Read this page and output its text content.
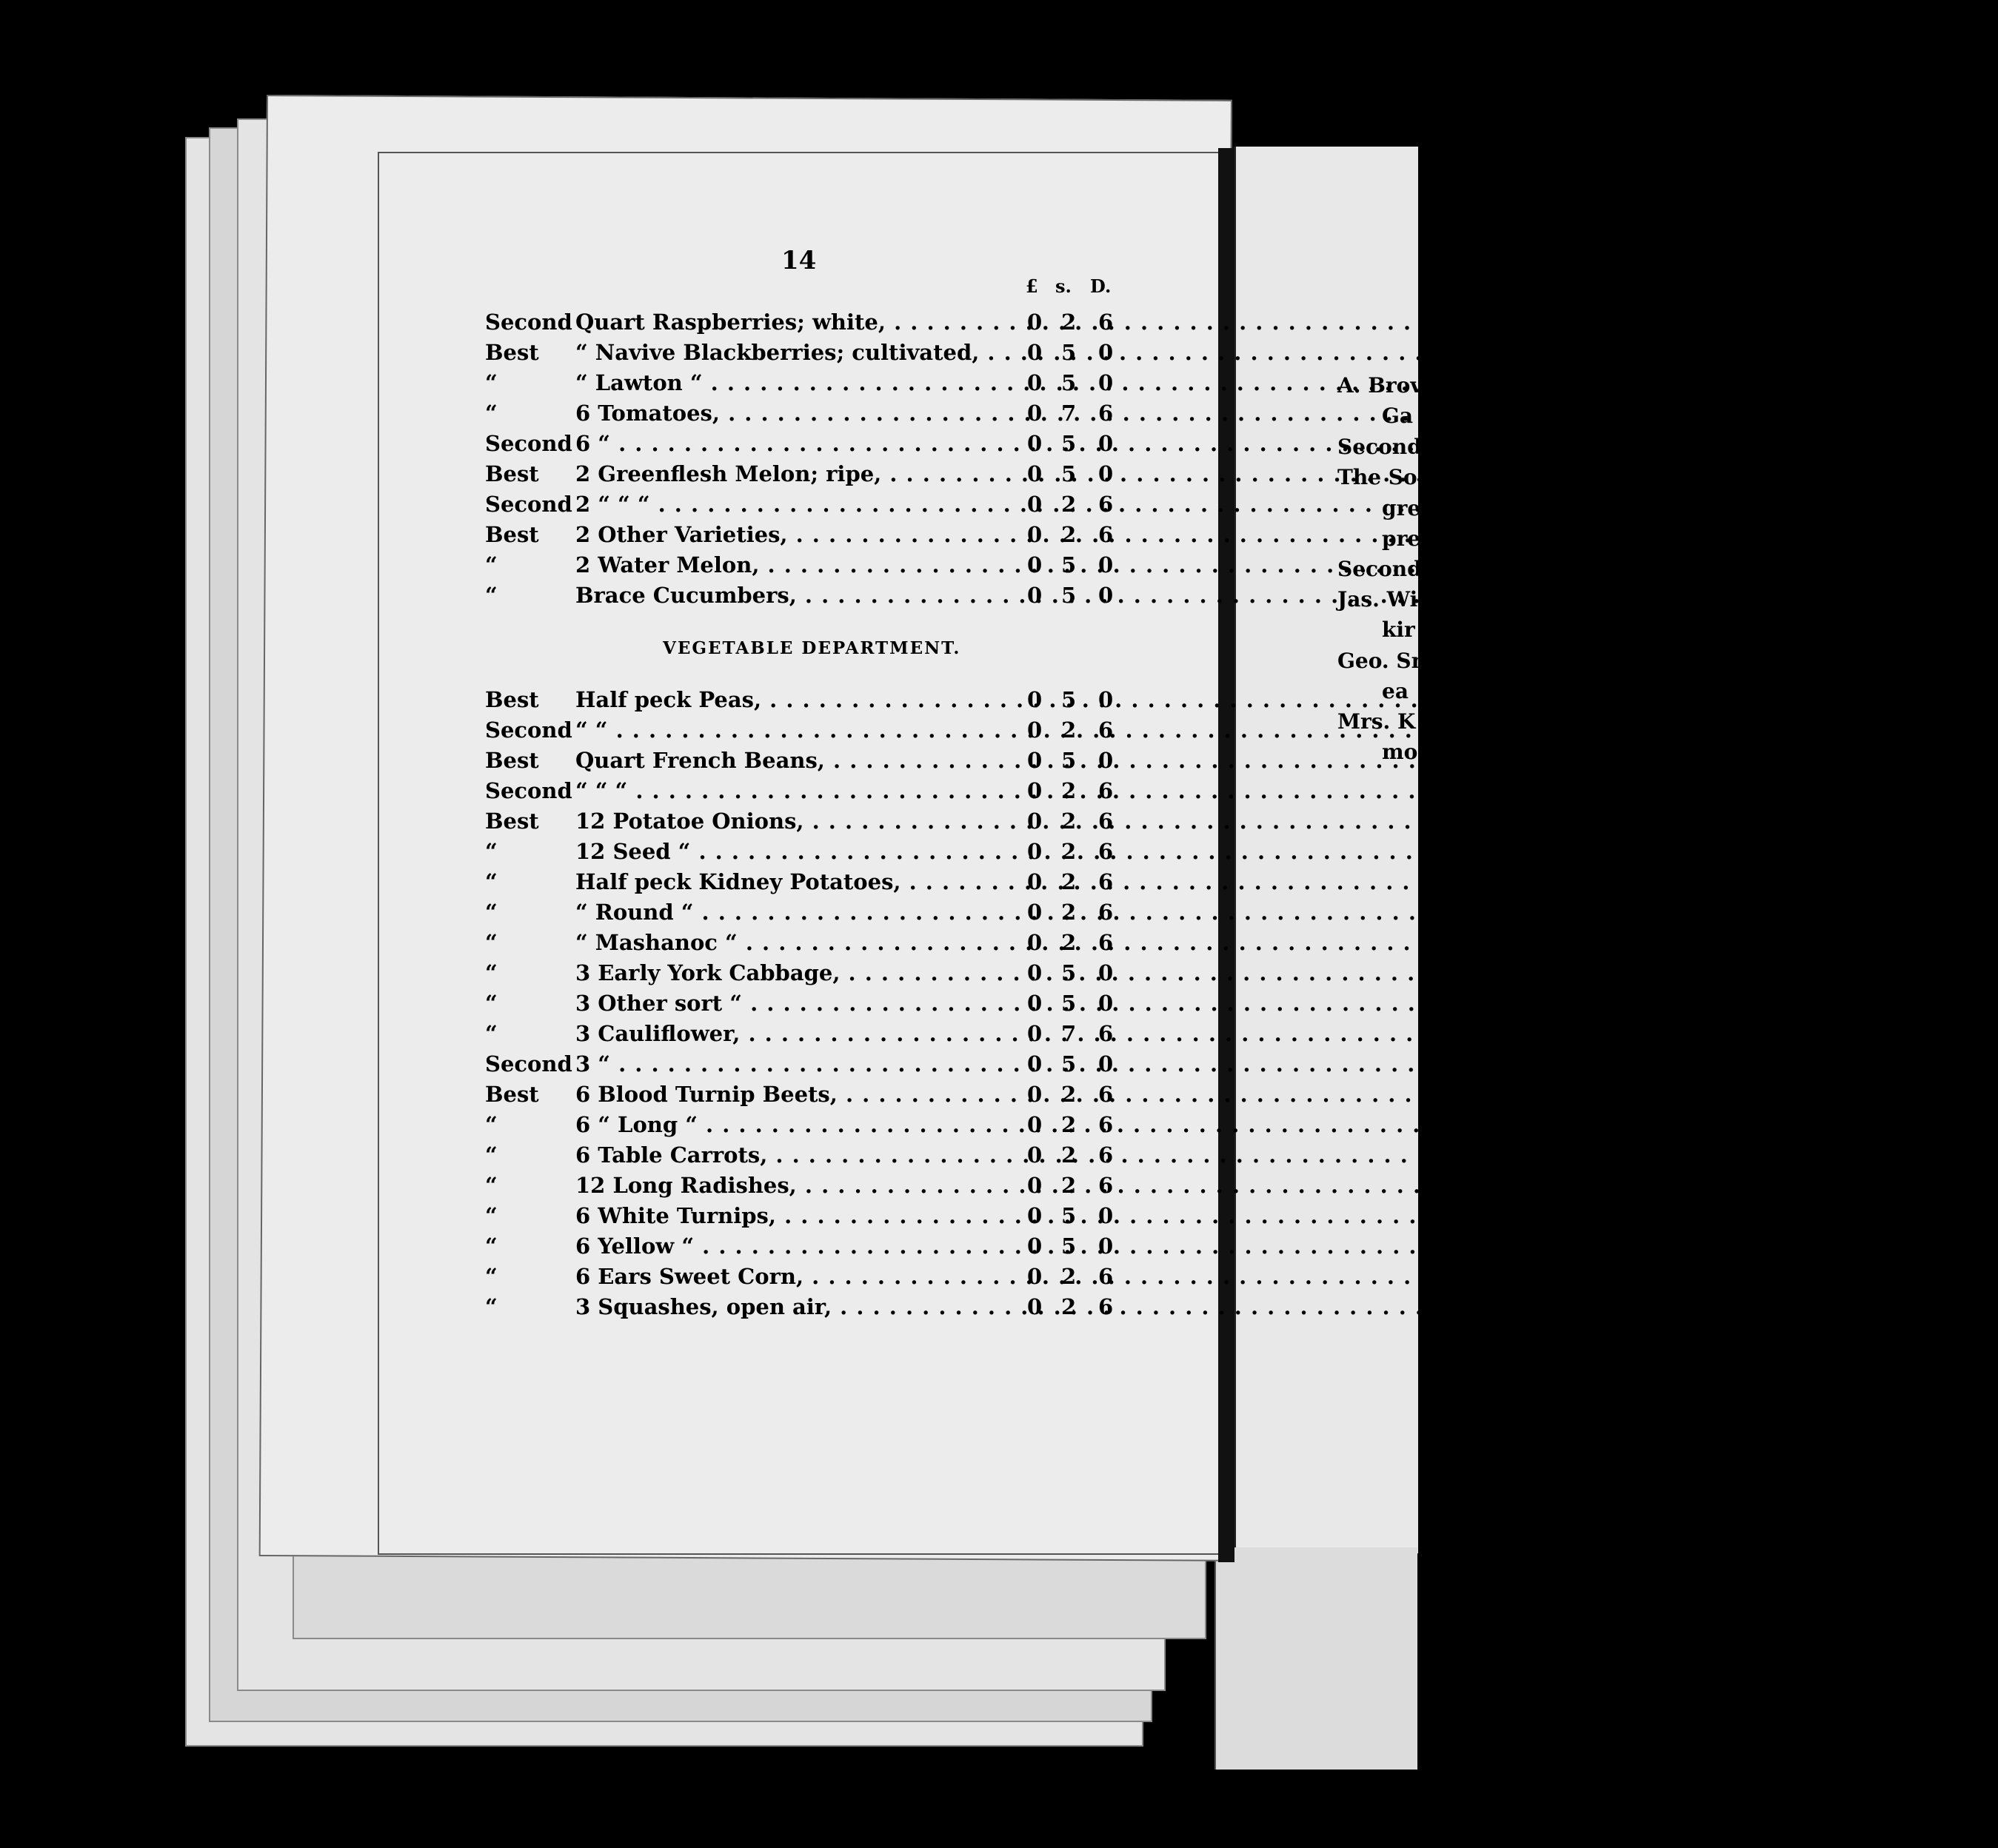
14
£ s. D.
Second Quart Raspberries; white, . . .	0 2 6
Best “ Navive Blackberries; cultivated, . . .	0 5 0
“	“ Lawton “ . . .	0 5 0
“	6 Tomatoes, . . .	0 7 6
Second 6 “ . . .	0 5 0
Best 2 Greenflesh Melon; ripe, . . .	0 5 0
Second 2 “ “ “ . . .	0 2 6
Best 2 Other Varieties, . . .	0 2 6
“	2 Water Melon, . . .	0 5 0
“	Brace Cucumbers, . . .	0 5 0
VEGETABLE DEPARTMENT.
Best Half peck Peas, . . .	0 5 0
Second “ “ . . .	0 2 6
Best Quart French Beans, . . .	0 5 0
Second “ “ “ . . .	0 2 6
Best 12 Potatoe Onions, . . .	0 2 6
“	12 Seed “ . . .	0 2 6
“	Half peck Kidney Potatoes, . . .	0 2 6
“	“ Round “ . . .	0 2 6
“	“ Mashanoc “ . . .	0 2 6
“	3 Early York Cabbage, . . .	0 5 0
“	3 Other sort “ . . .	0 5 0
“	3 Cauliflower, . . .	0 7 6
Second 3 “ . . .	0 5 0
Best 6 Blood Turnip Beets, . . .	0 2 6
“	6 “ Long “ . . .	0 2 6
“	6 Table Carrots, . . .	0 2 6
“	12 Long Radishes, . . .	0 2 6
“	6 White Turnips, . . .	0 5 0
“	6 Yellow “ . . .	0 5 0
“	6 Ears Sweet Corn, . . .	0 2 6
“	3 Squashes, open air, . . .	0 2 6
A. Brov
Ga
Second
The So
gre
pre
Second
Jas. Wi
kir
Geo. Sn
ea
Mrs. K
mo
